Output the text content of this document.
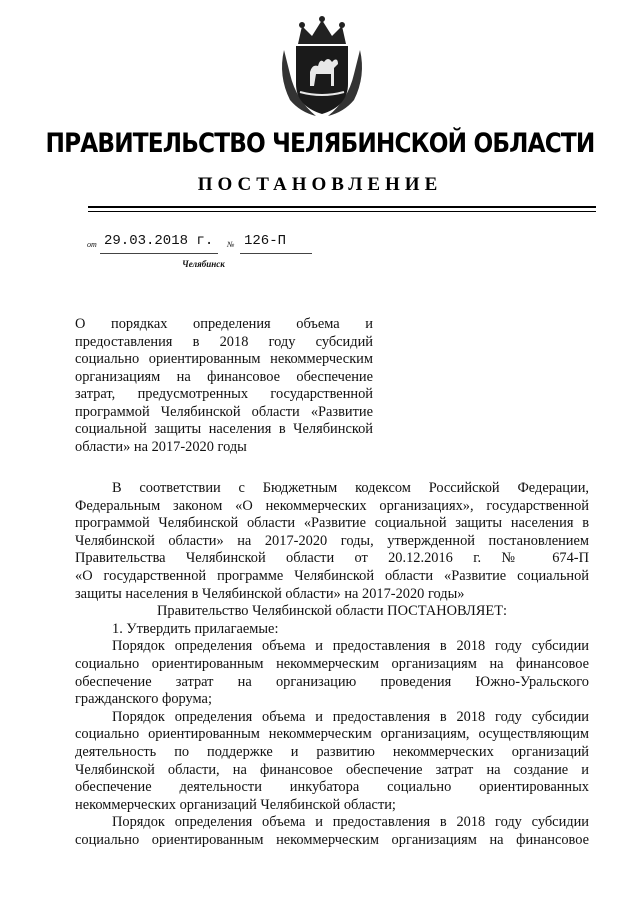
ПРАВИТЕЛЬСТВО ЧЕЛЯБИНСКОЙ ОБЛАСТИ
ПОСТАНОВЛЕНИЕ
от 29.03.2018 г. № 126-П
Челябинск

О порядках определения объема и предоставления в 2018 году субсидий социально ориентированным некоммерческим организациям на финансовое обеспечение затрат, предусмотренных государственной программой Челябинской области «Развитие социальной защиты населения в Челябинской области» на 2017-2020 годы

В соответствии с Бюджетным кодексом Российской Федерации,
Федеральным законом «О некоммерческих организациях», государственной
программой Челябинской области «Развитие социальной защиты населения в
Челябинской области» на 2017-2020 годы, утвержденной постановлением
Правительства Челябинской области от 20.12.2016 г. № 674-П
«О государственной программе Челябинской области «Развитие социальной
защиты населения в Челябинской области» на 2017-2020 годы»
Правительство Челябинской области ПОСТАНОВЛЯЕТ:
1. Утвердить прилагаемые:
Порядок определения объема и предоставления в 2018 году субсидии
социально ориентированным некоммерческим организациям на финансовое
обеспечение затрат на организацию проведения Южно-Уральского
гражданского форума;
Порядок определения объема и предоставления в 2018 году субсидии
социально ориентированным некоммерческим организациям, осуществляющим
деятельность по поддержке и развитию некоммерческих организаций
Челябинской области, на финансовое обеспечение затрат на создание и
обеспечение деятельности инкубатора социально ориентированных
некоммерческих организаций Челябинской области;
Порядок определения объема и предоставления в 2018 году субсидии
социально ориентированным некоммерческим организациям на финансовое
